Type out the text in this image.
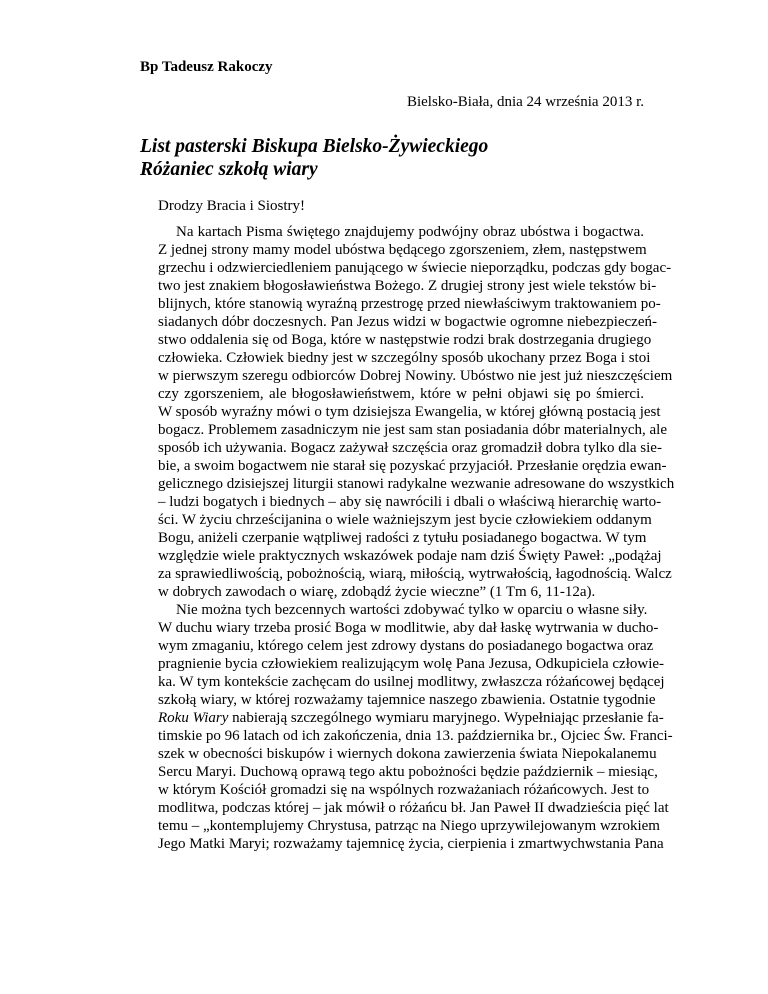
Bp Tadeusz Rakoczy

Bielsko-Biała, dnia 24 września 2013 r.

List pasterski Biskupa Bielsko-Żywieckiego
Różaniec szkołą wiary

Drodzy Bracia i Siostry!

Na kartach Pisma świętego znajdujemy podwójny obraz ubóstwa i bogactwa.
Z jednej strony mamy model ubóstwa będącego zgorszeniem, złem, następstwem
grzechu i odzwierciedleniem panującego w świecie nieporządku, podczas gdy bogac-
two jest znakiem błogosławieństwa Bożego. Z drugiej strony jest wiele tekstów bi-
blijnych, które stanowią wyraźną przestrogę przed niewłaściwym traktowaniem po-
siadanych dóbr doczesnych. Pan Jezus widzi w bogactwie ogromne niebezpieczeń-
stwo oddalenia się od Boga, które w następstwie rodzi brak dostrzegania drugiego
człowieka. Człowiek biedny jest w szczególny sposób ukochany przez Boga i stoi
w pierwszym szeregu odbiorców Dobrej Nowiny. Ubóstwo nie jest już nieszczęściem
czy zgorszeniem, ale błogosławieństwem, które w pełni objawi się po śmierci.
W sposób wyraźny mówi o tym dzisiejsza Ewangelia, w której główną postacią jest
bogacz. Problemem zasadniczym nie jest sam stan posiadania dóbr materialnych, ale
sposób ich używania. Bogacz zażywał szczęścia oraz gromadził dobra tylko dla sie-
bie, a swoim bogactwem nie starał się pozyskać przyjaciół. Przesłanie orędzia ewan-
gelicznego dzisiejszej liturgii stanowi radykalne wezwanie adresowane do wszystkich
– ludzi bogatych i biednych – aby się nawrócili i dbali o właściwą hierarchię warto-
ści. W życiu chrześcijanina o wiele ważniejszym jest bycie człowiekiem oddanym
Bogu, aniżeli czerpanie wątpliwej radości z tytułu posiadanego bogactwa. W tym
względzie wiele praktycznych wskazówek podaje nam dziś Święty Paweł: „podążaj
za sprawiedliwością, pobożnością, wiarą, miłością, wytrwałością, łagodnością. Walcz
w dobrych zawodach o wiarę, zdobądź życie wieczne” (1 Tm 6, 11-12a).
Nie można tych bezcennych wartości zdobywać tylko w oparciu o własne siły.
W duchu wiary trzeba prosić Boga w modlitwie, aby dał łaskę wytrwania w ducho-
wym zmaganiu, którego celem jest zdrowy dystans do posiadanego bogactwa oraz
pragnienie bycia człowiekiem realizującym wolę Pana Jezusa, Odkupiciela człowie-
ka. W tym kontekście zachęcam do usilnej modlitwy, zwłaszcza różańcowej będącej
szkołą wiary, w której rozważamy tajemnice naszego zbawienia. Ostatnie tygodnie
Roku Wiary nabierają szczególnego wymiaru maryjnego. Wypełniając przesłanie fa-
timskie po 96 latach od ich zakończenia, dnia 13. października br., Ojciec Św. Franci-
szek w obecności biskupów i wiernych dokona zawierzenia świata Niepokalanemu
Sercu Maryi. Duchową oprawą tego aktu pobożności będzie październik – miesiąc,
w którym Kościół gromadzi się na wspólnych rozważaniach różańcowych. Jest to
modlitwa, podczas której – jak mówił o różańcu bł. Jan Paweł II dwadzieścia pięć lat
temu – „kontemplujemy Chrystusa, patrząc na Niego uprzywilejowanym wzrokiem
Jego Matki Maryi; rozważamy tajemnicę życia, cierpienia i zmartwychwstania Pana
